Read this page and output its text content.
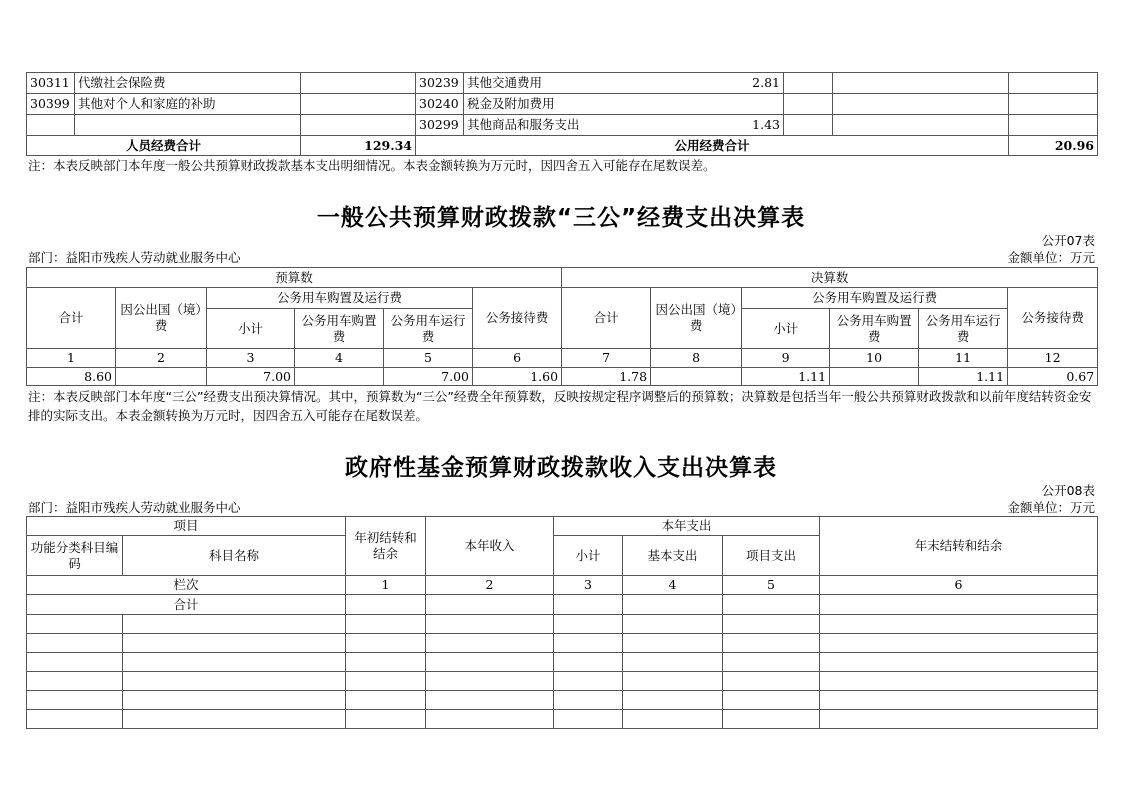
30311	代缴社会保险费		30239	其他交通费用 2.81			

30399	其他对个人和家庭的补助		30240	税金及附加费用

			30299	其他商品和服务支出 1.43			

人员经费合计		129.34	公用经费合计				20.96
注：本表反映部门本年度一般公共预算财政拨款基本支出明细情况。本表金额转换为万元时，因四舍五入可能存在尾数误差。
一般公共预算财政拨款“三公”经费支出决算表
公开07表
部门：益阳市残疾人劳动就业服务中心	金额单位：万元
预算数						决算数					
合计	因公出国（境）费	公务用车购置及运行费			公务接待费	合计	因公出国（境）费	公务用车购置及运行费			公务接待费
		小计	公务用车购置费	公务用车运行费				小计	公务用车购置费	公务用车运行费	
1	2	3	4	5	6	7	8	9	10	11	12
8.60		7.00		7.00	1.60	1.78		1.11		1.11	0.67
注：本表反映部门本年度“三公”经费支出预决算情况。其中，预算数为“三公”经费全年预算数，反映按规定程序调整后的预算数；决算数是包括当年一般公共预算财政拨款和以前年度结转资金安排的实际支出。本表金额转换为万元时，因四舍五入可能存在尾数误差。
政府性基金预算财政拨款收入支出决算表
公开08表
部门：益阳市残疾人劳动就业服务中心	金额单位：万元
项目		年初结转和结余	本年收入	本年支出			年末结转和结余
功能分类科目编码	科目名称			小计	基本支出	项目支出	
栏次		1	2	3	4	5	6
合计							
